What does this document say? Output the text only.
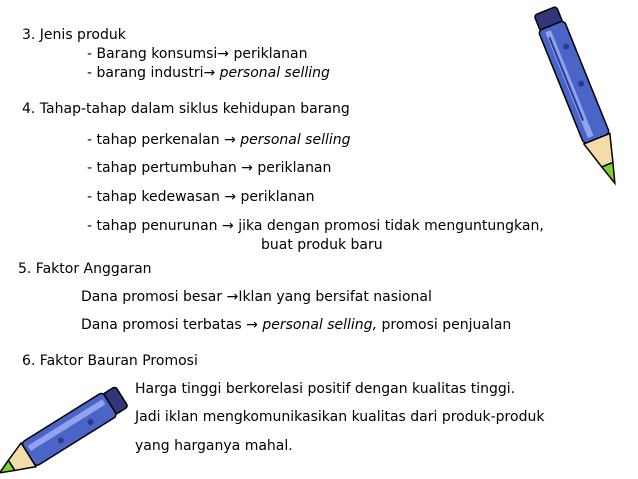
3. Jenis produk
- Barang konsumsi→ periklanan
- barang industri→ personal selling
4. Tahap-tahap dalam siklus kehidupan barang
- tahap perkenalan → personal selling
- tahap pertumbuhan → periklanan
- tahap kedewasan → periklanan
- tahap penurunan → jika dengan promosi tidak menguntungkan,
buat produk baru
5. Faktor Anggaran
Dana promosi besar →Iklan yang bersifat nasional
Dana promosi terbatas → personal selling, promosi penjualan
6. Faktor Bauran Promosi
Harga tinggi berkorelasi positif dengan kualitas tinggi.
Jadi iklan mengkomunikasikan kualitas dari produk-produk
yang harganya mahal.
